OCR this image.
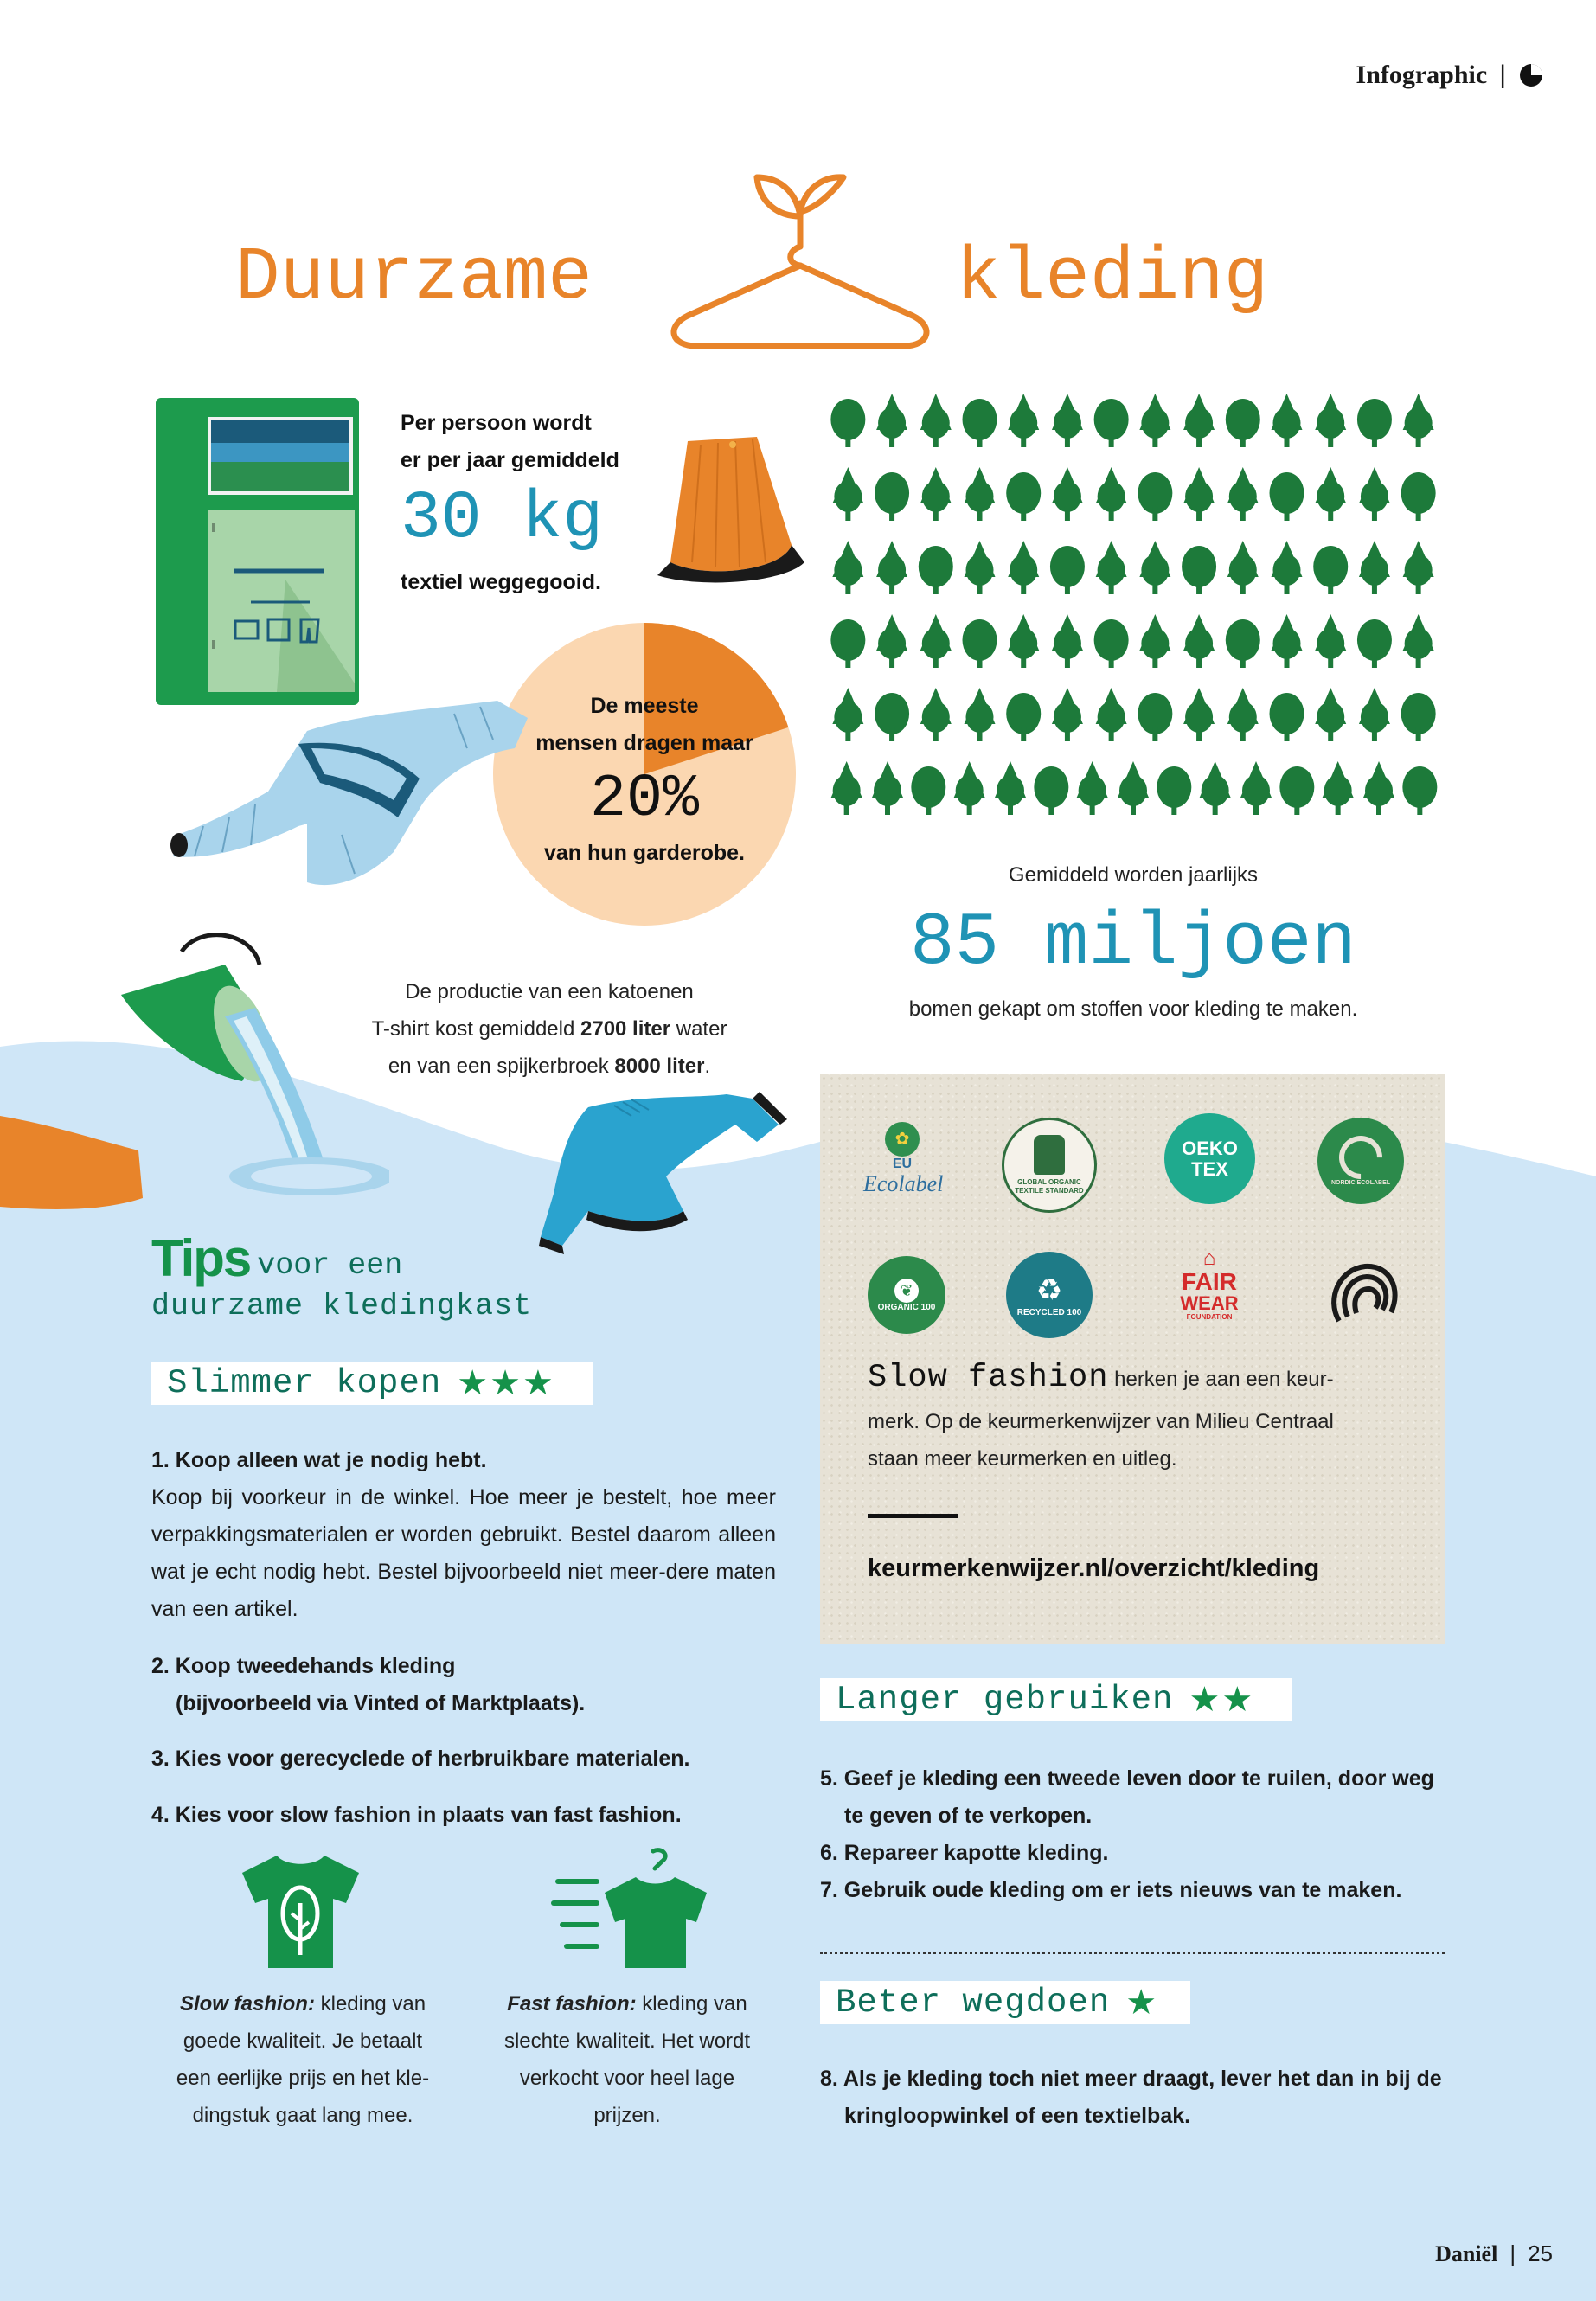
Infographic |
Duurzame	kleding
Per persoon wordt
er per jaar gemiddeld
30 kg
textiel weggegooid.
De meeste
mensen dragen maar
20%
van hun garderobe.
Gemiddeld worden jaarlijks
85 miljoen
bomen gekapt om stoffen voor kleding te maken.
De productie van een katoenen
T-shirt kost gemiddeld 2700 liter water
en van een spijkerbroek 8000 liter.
Tips voor een
duurzame kledingkast
Slimmer kopen ★★★
1. Koop alleen wat je nodig hebt.
Koop bij voorkeur in de winkel. Hoe meer je bestelt, hoe meer verpakkingsmaterialen er worden gebruikt. Bestel daarom alleen wat je echt nodig hebt. Bestel bijvoorbeeld niet meer-dere maten van een artikel.
2. Koop tweedehands kleding
(bijvoorbeeld via Vinted of Marktplaats).
3. Kies voor gerecyclede of herbruikbare materialen.
4. Kies voor slow fashion in plaats van fast fashion.
Slow fashion: kleding van
goede kwaliteit. Je betaalt
een eerlijke prijs en het kle-
dingstuk gaat lang mee.
Fast fashion: kleding van
slechte kwaliteit. Het wordt
verkocht voor heel lage
prijzen.
✿
EU
Ecolabel	GLOBAL ORGANIC TEXTILE STANDARD
OEKO
TEX
NORDIC ECOLABEL
❦
ORGANIC 100
♻
RECYCLED 100
⌂
FAIR
WEAR
FOUNDATION
Slow fashion herken je aan een keur-
merk. Op de keurmerkenwijzer van Milieu Centraal
staan meer keurmerken en uitleg.
keurmerkenwijzer.nl/overzicht/kleding
Langer gebruiken ★★
5. Geef je kleding een tweede leven door te ruilen, door weg
te geven of te verkopen.
6. Repareer kapotte kleding.
7. Gebruik oude kleding om er iets nieuws van te maken.
Beter wegdoen ★
8. Als je kleding toch niet meer draagt, lever het dan in bij de
kringloopwinkel of een textielbak.
Daniël | 25
